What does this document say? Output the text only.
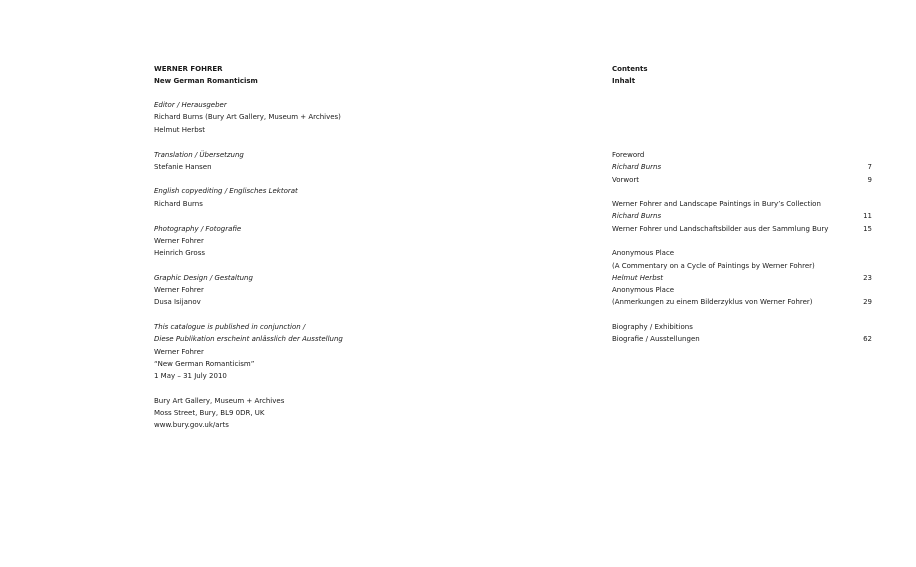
WERNER FOHRER
New German Romanticism
Editor / Herausgeber
Richard Burns (Bury Art Gallery, Museum + Archives)
Helmut Herbst
Translation / Übersetzung
Stefanie Hansen
English copyediting / Englisches Lektorat
Richard Burns
Photography / Fotografie
Werner Fohrer
Heinrich Gross
Graphic Design / Gestaltung
Werner Fohrer
Dusa Isijanov
This catalogue is published in conjunction /
Diese Publikation erscheint anlässlich der Ausstellung
Werner Fohrer
“New German Romanticism”
1 May – 31 July 2010
Bury Art Gallery, Museum + Archives
Moss Street, Bury, BL9 0DR, UK
www.bury.gov.uk/arts
Contents
Inhalt
Foreword
Richard Burns	7
Vorwort	9
Werner Fohrer and Landscape Paintings in Bury’s Collection
Richard Burns	11
Werner Fohrer und Landschaftsbilder aus der Sammlung Bury	15
Anonymous Place
(A Commentary on a Cycle of Paintings by Werner Fohrer)
Helmut Herbst	23
Anonymous Place
(Anmerkungen zu einem Bilderzyklus von Werner Fohrer)	29
Biography / Exhibitions
Biografie / Ausstellungen	62
